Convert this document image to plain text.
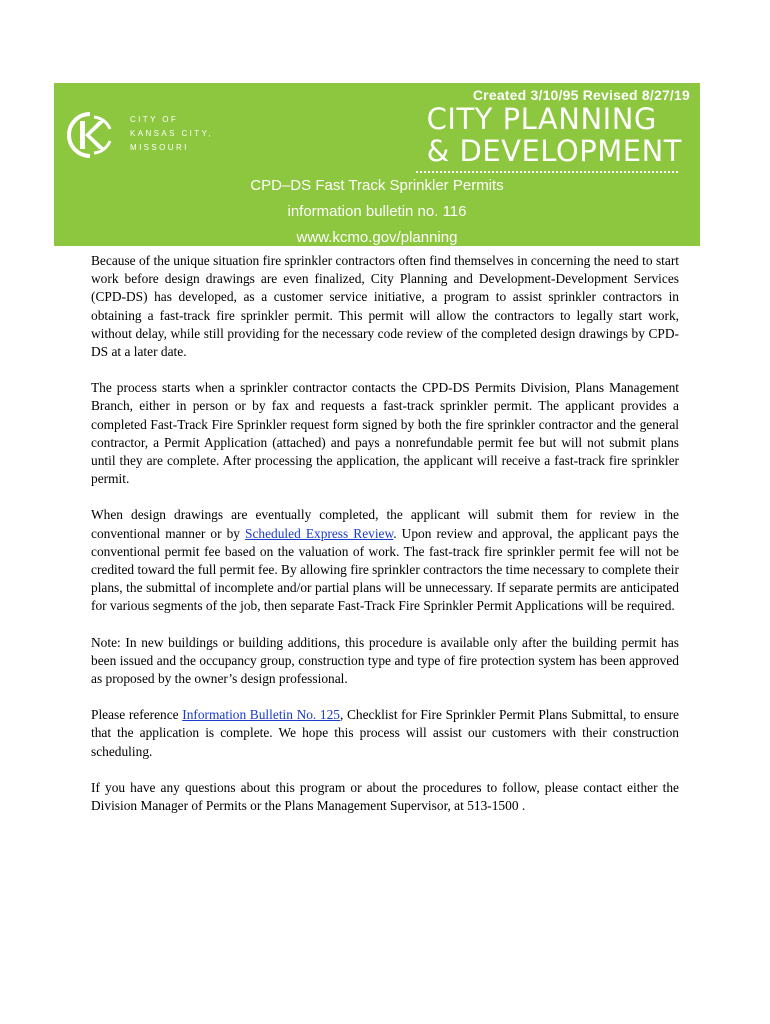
Created 3/10/95 Revised 8/27/19
CITY OF
KANSAS CITY,
MISSOURI
CITY PLANNING
& DEVELOPMENT
CPD–DS Fast Track Sprinkler Permits
information bulletin no. 116
www.kcmo.gov/planning

Because of the unique situation fire sprinkler contractors often find themselves in concerning the need to start work before design drawings are even finalized, City Planning and Development-Development Services (CPD-DS) has developed, as a customer service initiative, a program to assist sprinkler contractors in obtaining a fast-track fire sprinkler permit. This permit will allow the contractors to legally start work, without delay, while still providing for the necessary code review of the completed design drawings by CPD-DS at a later date.

The process starts when a sprinkler contractor contacts the CPD-DS Permits Division, Plans Management Branch, either in person or by fax and requests a fast-track sprinkler permit. The applicant provides a completed Fast-Track Fire Sprinkler request form signed by both the fire sprinkler contractor and the general contractor, a Permit Application (attached) and pays a nonrefundable permit fee but will not submit plans until they are complete. After processing the application, the applicant will receive a fast-track fire sprinkler permit.

When design drawings are eventually completed, the applicant will submit them for review in the conventional manner or by Scheduled Express Review. Upon review and approval, the applicant pays the conventional permit fee based on the valuation of work. The fast-track fire sprinkler permit fee will not be credited toward the full permit fee. By allowing fire sprinkler contractors the time necessary to complete their plans, the submittal of incomplete and/or partial plans will be unnecessary. If separate permits are anticipated for various segments of the job, then separate Fast-Track Fire Sprinkler Permit Applications will be required.

Note: In new buildings or building additions, this procedure is available only after the building permit has been issued and the occupancy group, construction type and type of fire protection system has been approved as proposed by the owner’s design professional.

Please reference Information Bulletin No. 125, Checklist for Fire Sprinkler Permit Plans Submittal, to ensure that the application is complete. We hope this process will assist our customers with their construction scheduling.

If you have any questions about this program or about the procedures to follow, please contact either the Division Manager of Permits or the Plans Management Supervisor, at 513-1500 .
